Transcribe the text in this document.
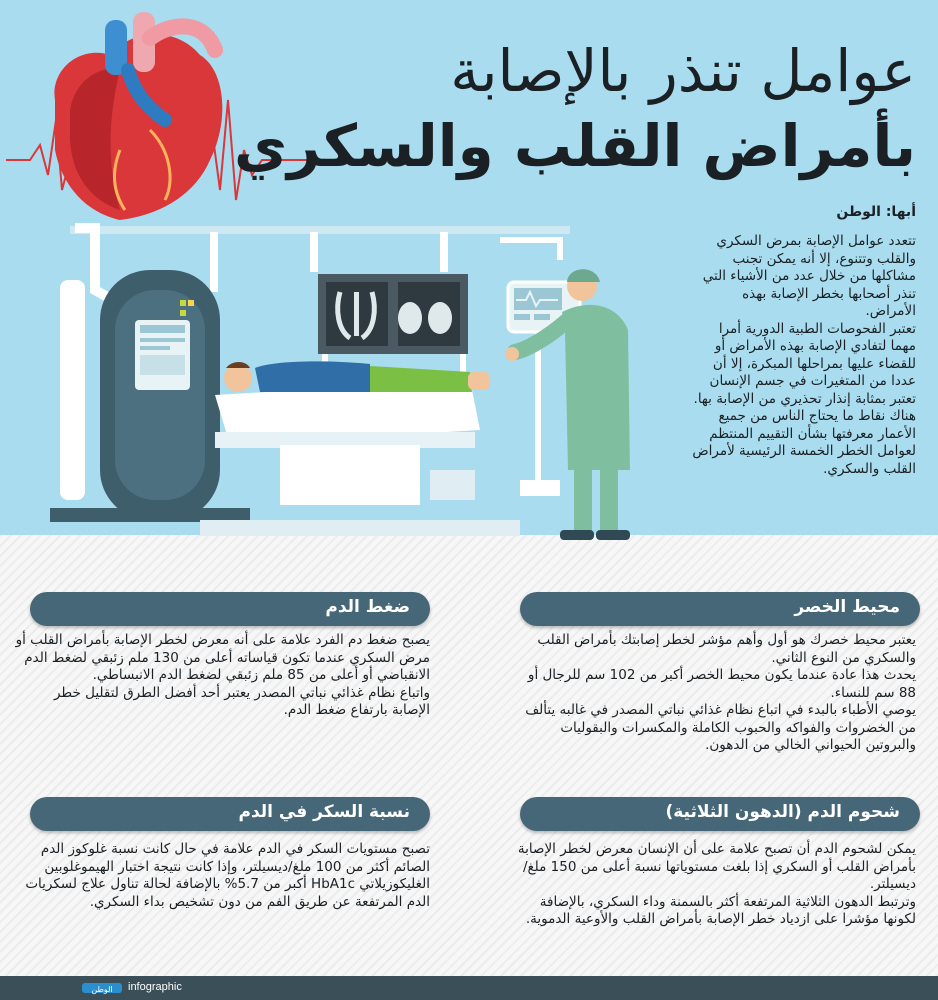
عوامل تنذر بالإصابة
بأمراض القلب والسكري
أبها: الوطن

تتعدد عوامل الإصابة بمرض السكري والقلب وتتنوع، إلا أنه يمكن تجنب مشاكلها من خلال عدد من الأشياء التي تنذر أصحابها بخطر الإصابة بهذه الأمراض.

تعتبر الفحوصات الطبية الدورية أمرا مهما لتفادي الإصابة بهذه الأمراض أو للقضاء عليها بمراحلها المبكرة، إلا أن عددا من المتغيرات في جسم الإنسان تعتبر بمثابة إنذار تحذيري من الإصابة بها.

هناك نقاط ما يحتاج الناس من جميع الأعمار معرفتها بشأن التقييم المنتظم لعوامل الخطر الخمسة الرئيسية لأمراض القلب والسكري.

محيط الخصر

يعتبر محيط خصرك هو أول وأهم مؤشر لخطر إصابتك بأمراض القلب والسكري من النوع الثاني.

يحدث هذا عادة عندما يكون محيط الخصر أكبر من 102 سم للرجال أو 88 سم للنساء.

يوصي الأطباء بالبدء في اتباع نظام غذائي نباتي المصدر في غالبه يتألف من الخضروات والفواكه والحبوب الكاملة والمكسرات والبقوليات والبروتين الحيواني الخالي من الدهون.

ضغط الدم

يصبح ضغط دم الفرد علامة على أنه معرض لخطر الإصابة بأمراض القلب أو مرض السكري عندما تكون قياساته أعلى من 130 ملم زئبقي لضغط الدم الانقباضي أو أعلى من 85 ملم زئبقي لضغط الدم الانبساطي.

واتباع نظام غذائي نباتي المصدر يعتبر أحد أفضل الطرق لتقليل خطر الإصابة بارتفاع ضغط الدم.

شحوم الدم (الدهون الثلاثية)

يمكن لشحوم الدم أن تصبح علامة على أن الإنسان معرض لخطر الإصابة بأمراض القلب أو السكري إذا بلغت مستوياتها نسبة أعلى من 150 ملغ/ديسيلتر.

وترتبط الدهون الثلاثية المرتفعة أكثر بالسمنة وداء السكري، بالإضافة لكونها مؤشرا على ازدياد خطر الإصابة بأمراض القلب والأوعية الدموية.

نسبة السكر في الدم

تصبح مستويات السكر في الدم علامة في حال كانت نسبة غلوكوز الدم الصائم أكثر من 100 ملغ/ديسيلتر، وإذا كانت نتيجة اختبار الهيموغلوبين الغليكوزيلاتي HbA1c أكبر من 5.7% بالإضافة لحالة تناول علاج لسكريات الدم المرتفعة عن طريق الفم من دون تشخيص بداء السكري.

الوطن infographic
